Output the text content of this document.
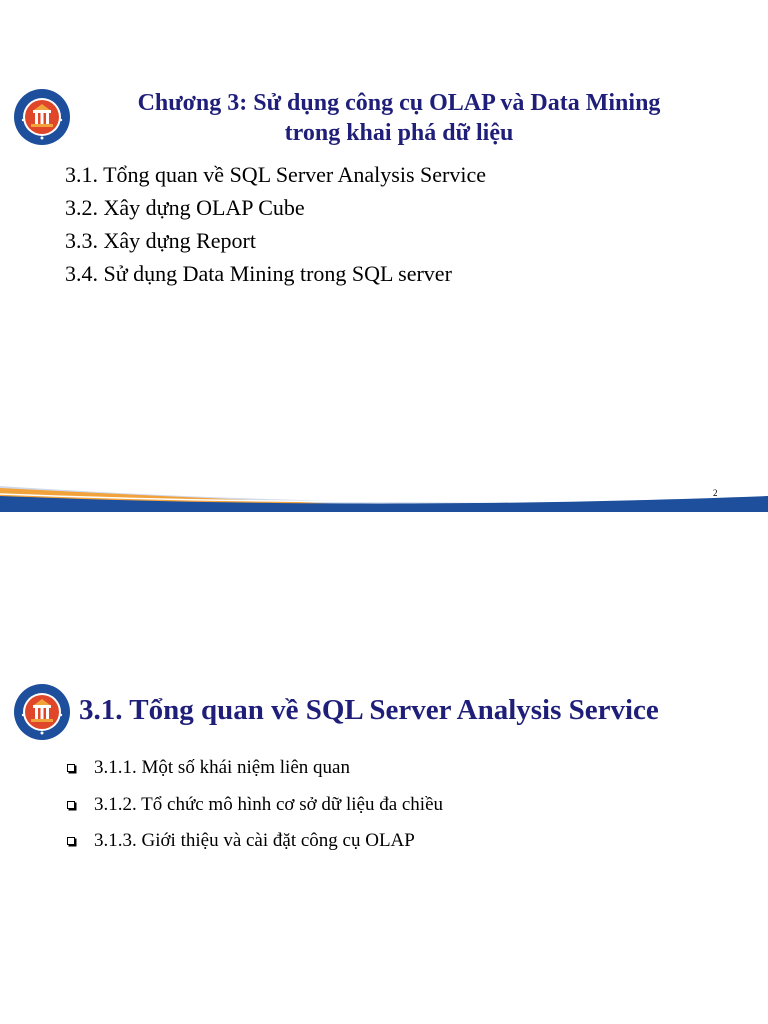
Chương 3: Sử dụng công cụ OLAP và Data Mining
trong khai phá dữ liệu
3.1. Tổng quan về SQL Server Analysis Service
3.2. Xây dựng OLAP Cube
3.3. Xây dựng Report
3.4. Sử dụng Data Mining trong SQL server
2
3.1. Tổng quan về SQL Server Analysis Service
3.1.1. Một số khái niệm liên quan
3.1.2. Tổ chức mô hình cơ sở dữ liệu đa chiều
3.1.3. Giới thiệu và cài đặt công cụ OLAP
